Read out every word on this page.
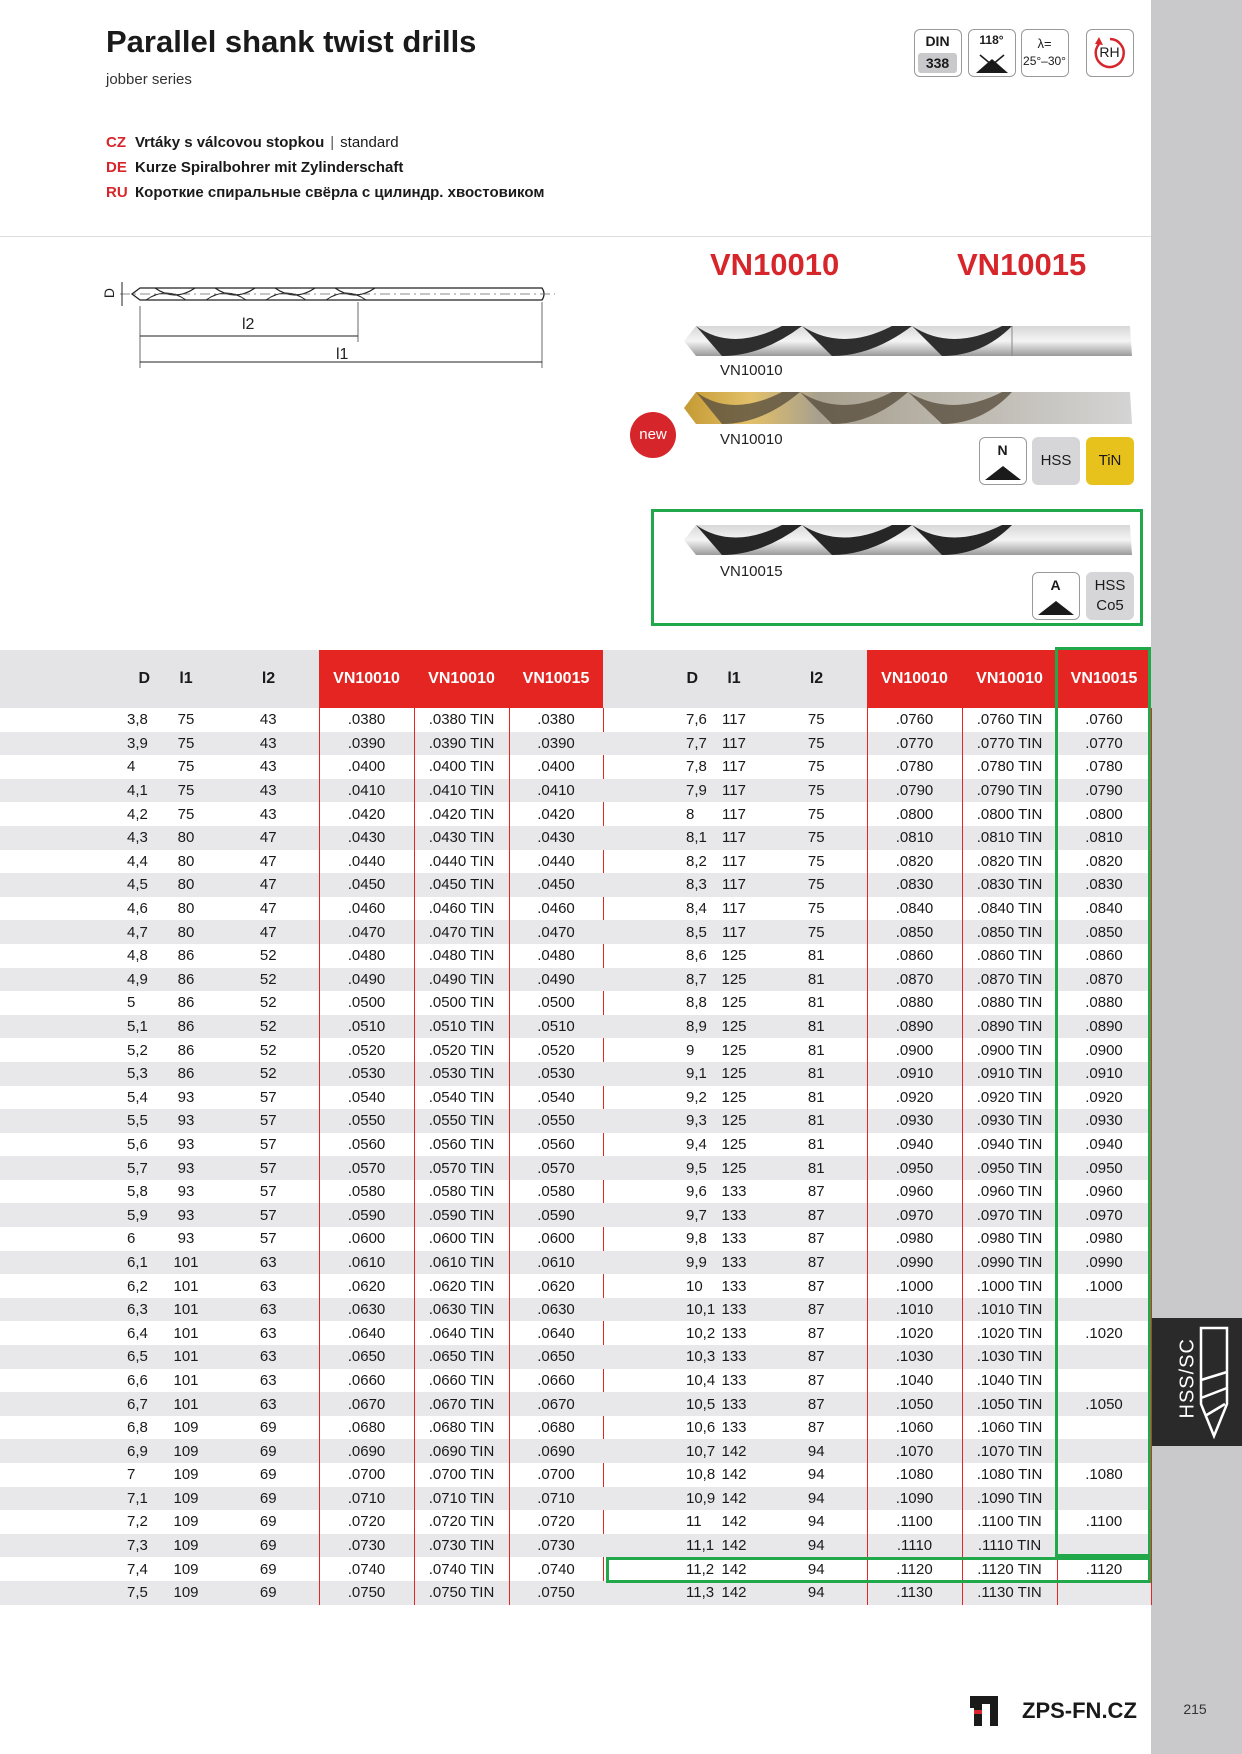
HSS/SC
215
Parallel shank twist drills
jobber series
CZ Vrtáky s válcovou stopkou | standard
DE Kurze Spiralbohrer mit Zylinderschaft
RU Короткие спиральные свёрла с цилиндр. хвостовиком
DIN
338
118°	λ=
25°–30°
RH
D
l2
l1
VN10010	VN10015
VN10010
new	VN10010
N
HSS	TiN
VN10015
A	HSS
Co5
D	l1	l2	VN10010	VN10010	VN10015
3,8	75	43	.0380	.0380 TIN	.0380
3,9	75	43	.0390	.0390 TIN	.0390
4	75	43	.0400	.0400 TIN	.0400
4,1	75	43	.0410	.0410 TIN	.0410
4,2	75	43	.0420	.0420 TIN	.0420
4,3	80	47	.0430	.0430 TIN	.0430
4,4	80	47	.0440	.0440 TIN	.0440
4,5	80	47	.0450	.0450 TIN	.0450
4,6	80	47	.0460	.0460 TIN	.0460
4,7	80	47	.0470	.0470 TIN	.0470
4,8	86	52	.0480	.0480 TIN	.0480
4,9	86	52	.0490	.0490 TIN	.0490
5	86	52	.0500	.0500 TIN	.0500
5,1	86	52	.0510	.0510 TIN	.0510
5,2	86	52	.0520	.0520 TIN	.0520
5,3	86	52	.0530	.0530 TIN	.0530
5,4	93	57	.0540	.0540 TIN	.0540
5,5	93	57	.0550	.0550 TIN	.0550
5,6	93	57	.0560	.0560 TIN	.0560
5,7	93	57	.0570	.0570 TIN	.0570
5,8	93	57	.0580	.0580 TIN	.0580
5,9	93	57	.0590	.0590 TIN	.0590
6	93	57	.0600	.0600 TIN	.0600
6,1	101	63	.0610	.0610 TIN	.0610
6,2	101	63	.0620	.0620 TIN	.0620
6,3	101	63	.0630	.0630 TIN	.0630
6,4	101	63	.0640	.0640 TIN	.0640
6,5	101	63	.0650	.0650 TIN	.0650
6,6	101	63	.0660	.0660 TIN	.0660
6,7	101	63	.0670	.0670 TIN	.0670
6,8	109	69	.0680	.0680 TIN	.0680
6,9	109	69	.0690	.0690 TIN	.0690
7	109	69	.0700	.0700 TIN	.0700
7,1	109	69	.0710	.0710 TIN	.0710
7,2	109	69	.0720	.0720 TIN	.0720
7,3	109	69	.0730	.0730 TIN	.0730
7,4	109	69	.0740	.0740 TIN	.0740
7,5	109	69	.0750	.0750 TIN	.0750
D	l1	l2	VN10010	VN10010	VN10015
7,6	117	75	.0760	.0760 TIN	.0760
7,7	117	75	.0770	.0770 TIN	.0770
7,8	117	75	.0780	.0780 TIN	.0780
7,9	117	75	.0790	.0790 TIN	.0790
8	117	75	.0800	.0800 TIN	.0800
8,1	117	75	.0810	.0810 TIN	.0810
8,2	117	75	.0820	.0820 TIN	.0820
8,3	117	75	.0830	.0830 TIN	.0830
8,4	117	75	.0840	.0840 TIN	.0840
8,5	117	75	.0850	.0850 TIN	.0850
8,6	125	81	.0860	.0860 TIN	.0860
8,7	125	81	.0870	.0870 TIN	.0870
8,8	125	81	.0880	.0880 TIN	.0880
8,9	125	81	.0890	.0890 TIN	.0890
9	125	81	.0900	.0900 TIN	.0900
9,1	125	81	.0910	.0910 TIN	.0910
9,2	125	81	.0920	.0920 TIN	.0920
9,3	125	81	.0930	.0930 TIN	.0930
9,4	125	81	.0940	.0940 TIN	.0940
9,5	125	81	.0950	.0950 TIN	.0950
9,6	133	87	.0960	.0960 TIN	.0960
9,7	133	87	.0970	.0970 TIN	.0970
9,8	133	87	.0980	.0980 TIN	.0980
9,9	133	87	.0990	.0990 TIN	.0990
10	133	87	.1000	.1000 TIN	.1000
10,1	133	87	.1010	.1010 TIN	
10,2	133	87	.1020	.1020 TIN	.1020
10,3	133	87	.1030	.1030 TIN	
10,4	133	87	.1040	.1040 TIN	
10,5	133	87	.1050	.1050 TIN	.1050
10,6	133	87	.1060	.1060 TIN	
10,7	142	94	.1070	.1070 TIN	
10,8	142	94	.1080	.1080 TIN	.1080
10,9	142	94	.1090	.1090 TIN	
11	142	94	.1100	.1100 TIN	.1100
11,1	142	94	.1110	.1110 TIN	
11,2	142	94	.1120	.1120 TIN	.1120
11,3	142	94	.1130	.1130 TIN	
ZPS-FN.CZ
